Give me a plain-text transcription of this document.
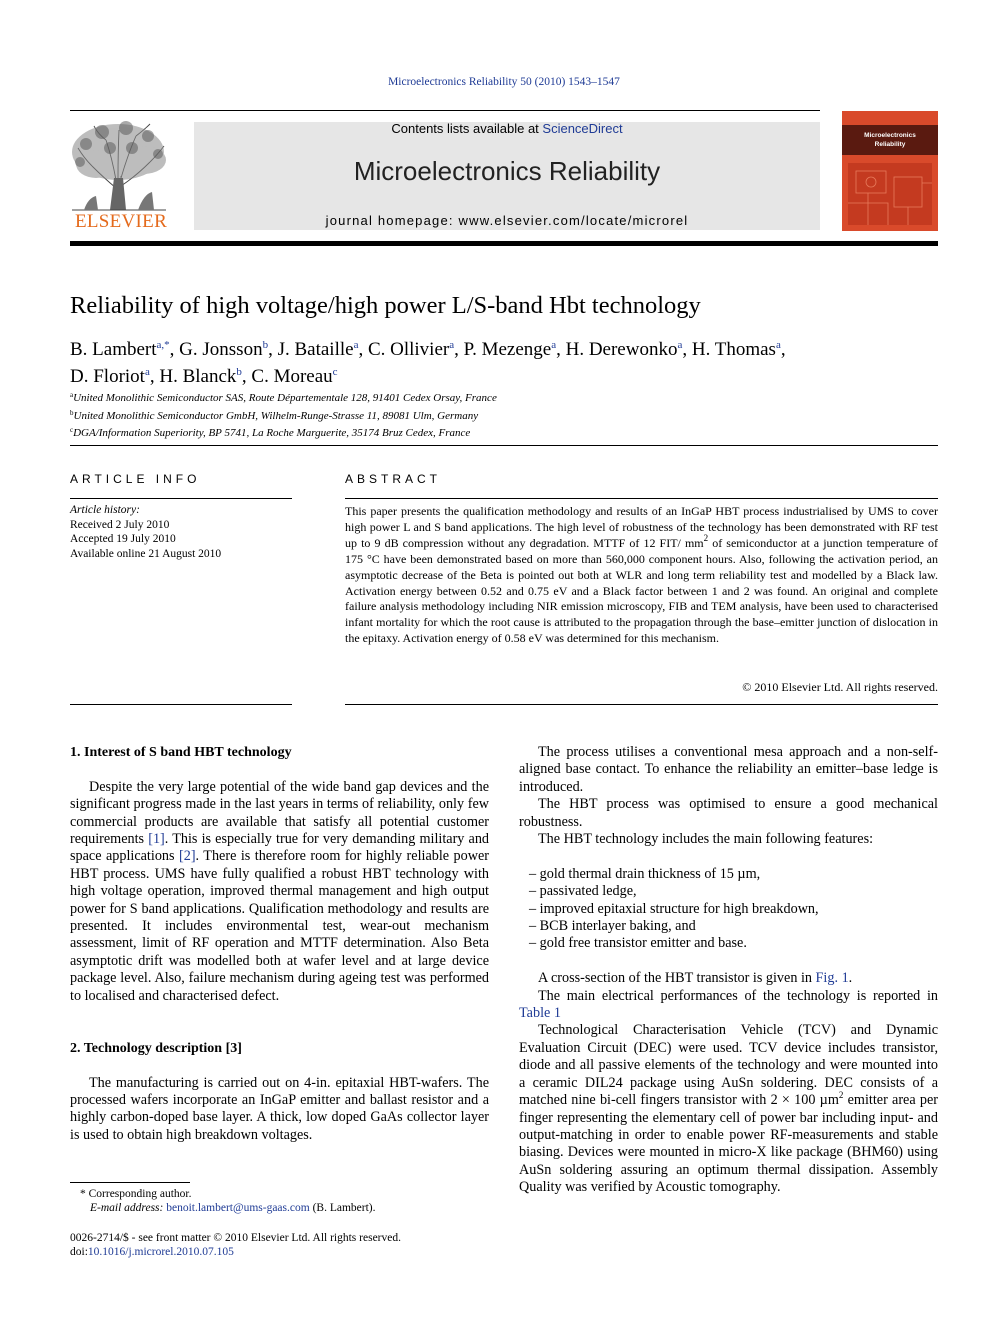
Microelectronics Reliability 50 (2010) 1543–1547
ELSEVIER
Contents lists available at ScienceDirect
Microelectronics Reliability
journal homepage: www.elsevier.com/locate/microrel
Microelectronics
Reliability
Reliability of high voltage/high power L/S-band Hbt technology
B. Lambert$^{a,*}$, G. Jonsson$^b$, J. Bataille$^a$, C. Ollivier$^a$, P. Mezenge$^a$, H. Derewonko$^a$, H. Thomas$^a$,
D. Floriot$^a$, H. Blanck$^b$, C. Moreau$^c$
$^a$United Monolithic Semiconductor SAS, Route Départementale 128, 91401 Cedex Orsay, France
$^b$United Monolithic Semiconductor GmbH, Wilhelm-Runge-Strasse 11, 89081 Ulm, Germany
$^c$DGA/Information Superiority, BP 5741, La Roche Marguerite, 35174 Bruz Cedex, France
ARTICLE INFO
Article history:
Received 2 July 2010
Accepted 19 July 2010
Available online 21 August 2010
ABSTRACT
This paper presents the qualification methodology and results of an InGaP HBT process industrialised by UMS to cover high power L and S band applications. The high level of robustness of the technology has been demonstrated with RF test up to 9 dB compression without any degradation. MTTF of 12 FIT/ $mm^2$ of semiconductor at a junction temperature of 175 °C have been demonstrated based on more than 560,000 component hours. Also, following the activation period, an asymptotic decrease of the Beta is pointed out both at WLR and long term reliability test and modelled by a Black law. Activation energy between 0.52 and 0.75 eV and a Black factor between 1 and 2 was found. An original and complete failure analysis methodology including NIR emission microscopy, FIB and TEM analysis, have been used to characterised infant mortality for which the root cause is attributed to the propagation through the base–emitter junction of dislocation in the epitaxy. Activation energy of 0.58 eV was determined for this mechanism.
© 2010 Elsevier Ltd. All rights reserved.
1. Interest of S band HBT technology
Despite the very large potential of the wide band gap devices and the significant progress made in the last years in terms of reliability, only few commercial products are available that satisfy all potential customer requirements [1]. This is especially true for very demanding military and space applications [2]. There is therefore room for highly reliable power HBT process. UMS have fully qualified a robust HBT technology with high voltage operation, improved thermal management and high output power for S band applications. Qualification methodology and results are presented. It includes environmental test, wear-out mechanism assessment, limit of RF operation and MTTF determination. Also Beta asymptotic drift was modelled both at wafer level and at large device package level. Also, failure mechanism during ageing test was performed to localised and characterised defect.
2. Technology description [3]
The manufacturing is carried out on 4-in. epitaxial HBT-wafers. The processed wafers incorporate an InGaP emitter and ballast resistor and a highly carbon-doped base layer. A thick, low doped GaAs collector layer is used to obtain high breakdown voltages.
The process utilises a conventional mesa approach and a non-self-aligned base contact. To enhance the reliability an emitter–base ledge is introduced.
The HBT process was optimised to ensure a good mechanical robustness.
The HBT technology includes the main following features:
– gold thermal drain thickness of 15 µm,
– passivated ledge,
– improved epitaxial structure for high breakdown,
– BCB interlayer baking, and
– gold free transistor emitter and base.
A cross-section of the HBT transistor is given in Fig. 1.
The main electrical performances of the technology is reported in Table 1
Technological Characterisation Vehicle (TCV) and Dynamic Evaluation Circuit (DEC) were used. TCV device includes transistor, diode and all passive elements of the technology and were mounted into a ceramic DIL24 package using AuSn soldering. DEC consists of a matched nine bi-cell fingers transistor with 2 × 100 µm$^2$ emitter area per finger representing the elementary cell of power bar including input- and output-matching in order to enable power RF-measurements and stable biasing. Devices were mounted in micro-X like package (BHM60) using AuSn soldering assuring an optimum thermal dissipation. Assembly Quality was verified by Acoustic tomography.
* Corresponding author.
E-mail address: benoit.lambert@ums-gaas.com (B. Lambert).
0026-2714/$ - see front matter © 2010 Elsevier Ltd. All rights reserved.
doi:10.1016/j.microrel.2010.07.105
